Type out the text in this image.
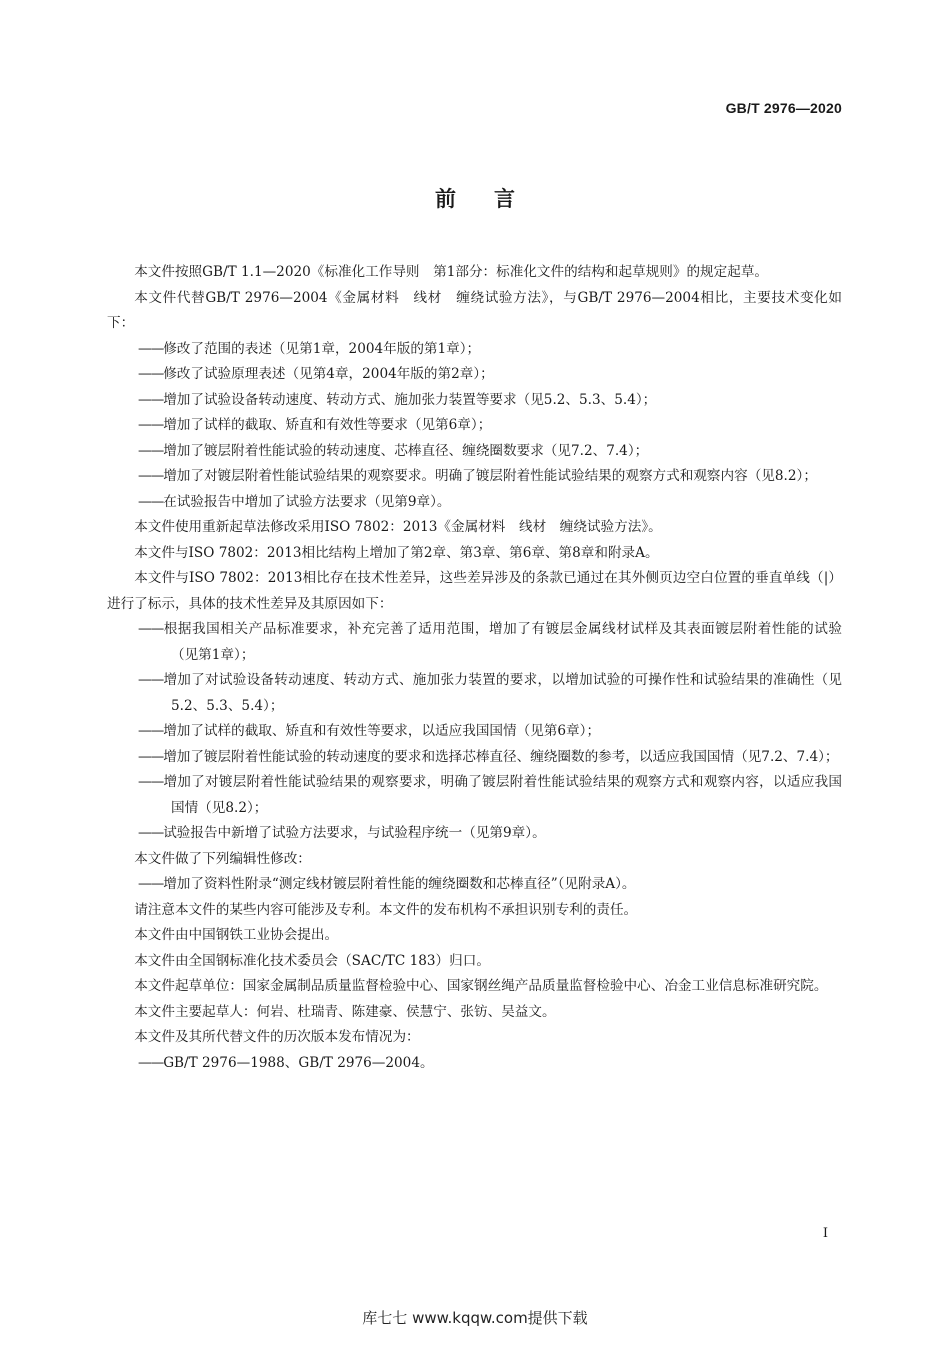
GB/T 2976—2020
前言

本文件按照GB/T 1.1—2020《标准化工作导则　第1部分：标准化文件的结构和起草规则》的规定起草。

本文件代替GB/T 2976—2004《金属材料　线材　缠绕试验方法》，与GB/T 2976—2004相比，主要技术变化如下：

——修改了范围的表述（见第1章，2004年版的第1章）；

——修改了试验原理表述（见第4章，2004年版的第2章）；

——增加了试验设备转动速度、转动方式、施加张力装置等要求（见5.2、5.3、5.4）；

——增加了试样的截取、矫直和有效性等要求（见第6章）；

——增加了镀层附着性能试验的转动速度、芯棒直径、缠绕圈数要求（见7.2、7.4）；

——增加了对镀层附着性能试验结果的观察要求。明确了镀层附着性能试验结果的观察方式和观察内容（见8.2）；

——在试验报告中增加了试验方法要求（见第9章）。

本文件使用重新起草法修改采用ISO 7802：2013《金属材料　线材　缠绕试验方法》。

本文件与ISO 7802：2013相比结构上增加了第2章、第3章、第6章、第8章和附录A。

本文件与ISO 7802：2013相比存在技术性差异，这些差异涉及的条款已通过在其外侧页边空白位置的垂直单线（|）进行了标示，具体的技术性差异及其原因如下：

——根据我国相关产品标准要求，补充完善了适用范围，增加了有镀层金属线材试样及其表面镀层附着性能的试验（见第1章）；

——增加了对试验设备转动速度、转动方式、施加张力装置的要求，以增加试验的可操作性和试验结果的准确性（见5.2、5.3、5.4）；

——增加了试样的截取、矫直和有效性等要求，以适应我国国情（见第6章）；

——增加了镀层附着性能试验的转动速度的要求和选择芯棒直径、缠绕圈数的参考，以适应我国国情（见7.2、7.4）；

——增加了对镀层附着性能试验结果的观察要求，明确了镀层附着性能试验结果的观察方式和观察内容，以适应我国国情（见8.2）；

——试验报告中新增了试验方法要求，与试验程序统一（见第9章）。

本文件做了下列编辑性修改：

——增加了资料性附录“测定线材镀层附着性能的缠绕圈数和芯棒直径”（见附录A）。

请注意本文件的某些内容可能涉及专利。本文件的发布机构不承担识别专利的责任。

本文件由中国钢铁工业协会提出。

本文件由全国钢标准化技术委员会（SAC/TC 183）归口。

本文件起草单位：国家金属制品质量监督检验中心、国家钢丝绳产品质量监督检验中心、冶金工业信息标准研究院。

本文件主要起草人：何岩、杜瑞青、陈建豪、侯慧宁、张钫、吴益文。

本文件及其所代替文件的历次版本发布情况为：

——GB/T 2976—1988、GB/T 2976—2004。

I
库七七 www.kqqw.com提供下载
